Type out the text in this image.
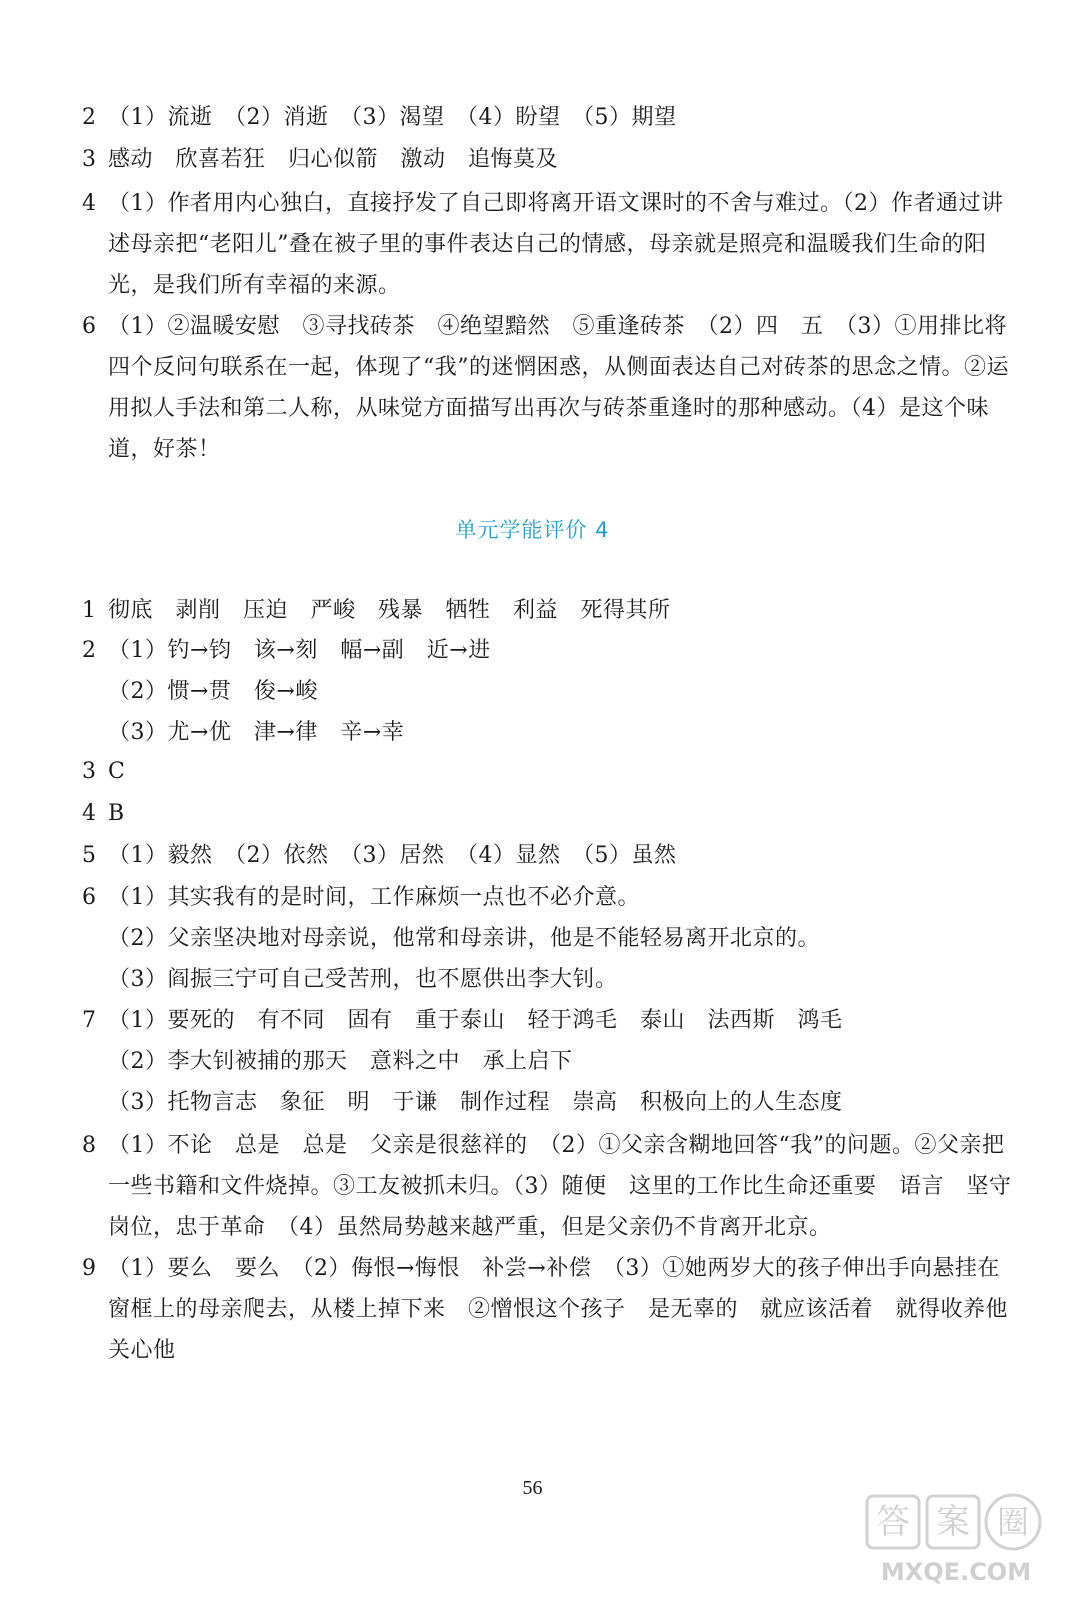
2 （1）流逝　（2）消逝　（3）渴望　（4）盼望　（5）期望
3 感动　欣喜若狂　归心似箭　激动　追悔莫及
4 （1）作者用内心独白，直接抒发了自己即将离开语文课时的不舍与难过。（2）作者通过讲述母亲把“老阳儿”叠在被子里的事件表达自己的情感，母亲就是照亮和温暖我们生命的阳光，是我们所有幸福的来源。
6 （1）②温暖安慰　③寻找砖茶　④绝望黯然　⑤重逢砖茶　（2）四　五　（3）①用排比将四个反问句联系在一起，体现了“我”的迷惘困惑，从侧面表达自己对砖茶的思念之情。②运用拟人手法和第二人称，从味觉方面描写出再次与砖茶重逢时的那种感动。（4）是这个味道，好茶！
单元学能评价 4
1 彻底　剥削　压迫　严峻　残暴　牺牲　利益　死得其所
2 （1）钓→钧　该→刻　幅→副　近→进
（2）惯→贯　俊→峻
（3）尤→优　津→律　辛→幸
3 C
4 B
5 （1）毅然　（2）依然　（3）居然　（4）显然　（5）虽然
6 （1）其实我有的是时间，工作麻烦一点也不必介意。
（2）父亲坚决地对母亲说，他常和母亲讲，他是不能轻易离开北京的。
（3）阎振三宁可自己受苦刑，也不愿供出李大钊。
7 （1）要死的　有不同　固有　重于泰山　轻于鸿毛　泰山　法西斯　鸿毛
（2）李大钊被捕的那天　意料之中　承上启下
（3）托物言志　象征　明　于谦　制作过程　崇高　积极向上的人生态度
8 （1）不论　总是　总是　父亲是很慈祥的　（2）①父亲含糊地回答“我”的问题。②父亲把一些书籍和文件烧掉。③工友被抓未归。（3）随便　这里的工作比生命还重要　语言　坚守岗位，忠于革命　（4）虽然局势越来越严重，但是父亲仍不肯离开北京。
9 （1）要么　要么　（2）侮恨→悔恨　补尝→补偿　（3）①她两岁大的孩子伸出手向悬挂在窗框上的母亲爬去，从楼上掉下来　②憎恨这个孩子　是无辜的　就应该活着　就得收养他　关心他
56
答 案 圈
MXQE.COM
